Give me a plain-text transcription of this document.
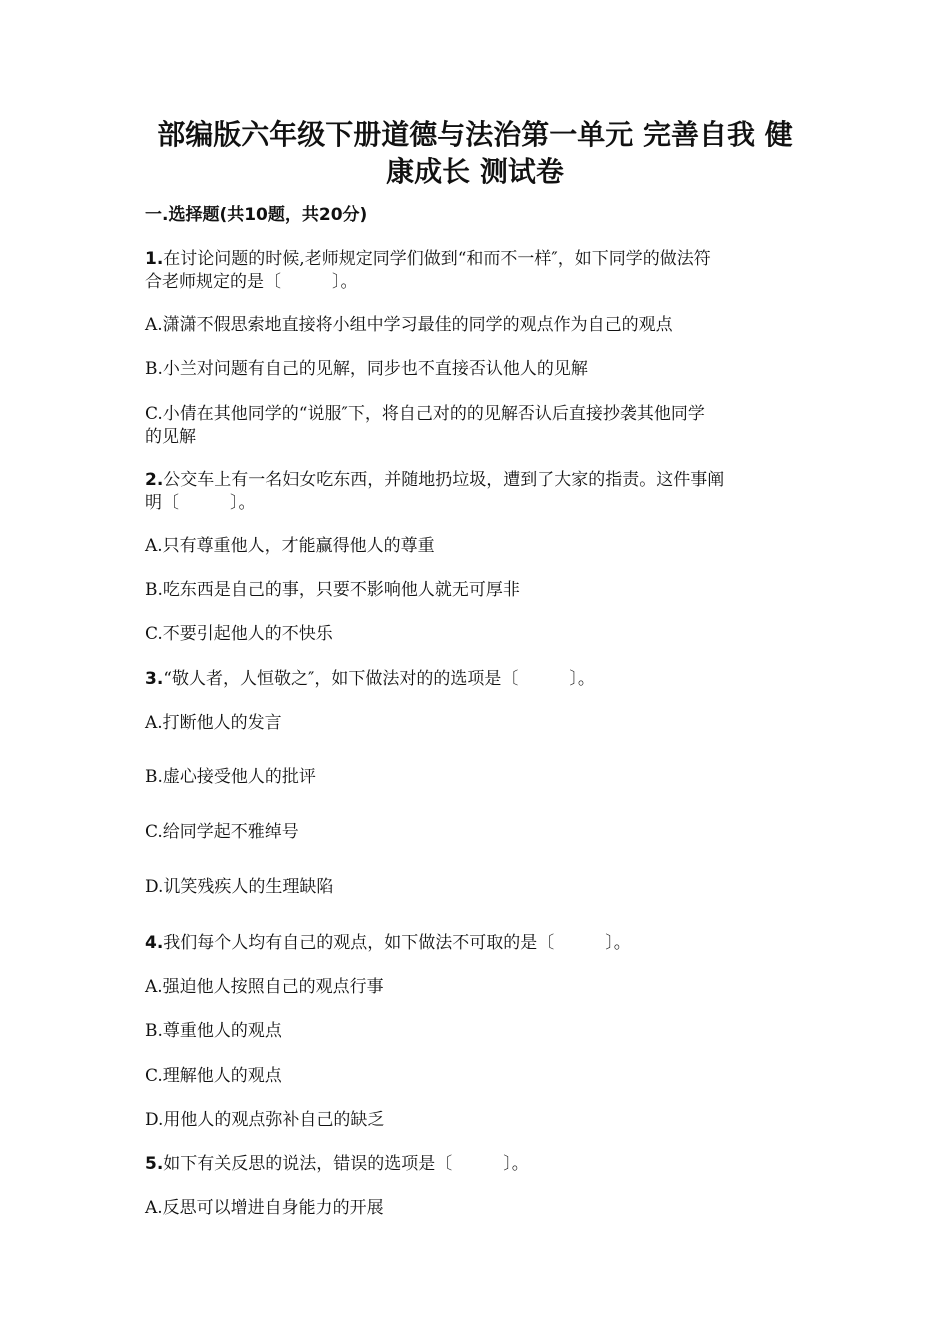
部编版六年级下册道德与法治第一单元 完善自我 健
康成长 测试卷
一.选择题(共10题，共20分)
1.在讨论问题的时候,老师规定同学们做到“和而不一样″，如下同学的做法符
合老师规定的是〔　　　〕。
A.潇潇不假思索地直接将小组中学习最佳的同学的观点作为自己的观点
B.小兰对问题有自己的见解，同步也不直接否认他人的见解
C.小倩在其他同学的“说服″下，将自己对的的见解否认后直接抄袭其他同学
的见解
2.公交车上有一名妇女吃东西，并随地扔垃圾，遭到了大家的指责。这件事阐
明〔　　　〕。
A.只有尊重他人，才能赢得他人的尊重
B.吃东西是自己的事，只要不影响他人就无可厚非
C.不要引起他人的不快乐
3.“敬人者，人恒敬之″，如下做法对的的选项是〔　　　〕。
A.打断他人的发言
B.虚心接受他人的批评
C.给同学起不雅绰号
D.讥笑残疾人的生理缺陷
4.我们每个人均有自己的观点，如下做法不可取的是〔　　　〕。
A.强迫他人按照自己的观点行事
B.尊重他人的观点
C.理解他人的观点
D.用他人的观点弥补自己的缺乏
5.如下有关反思的说法，错误的选项是〔　　　〕。
A.反思可以增进自身能力的开展
